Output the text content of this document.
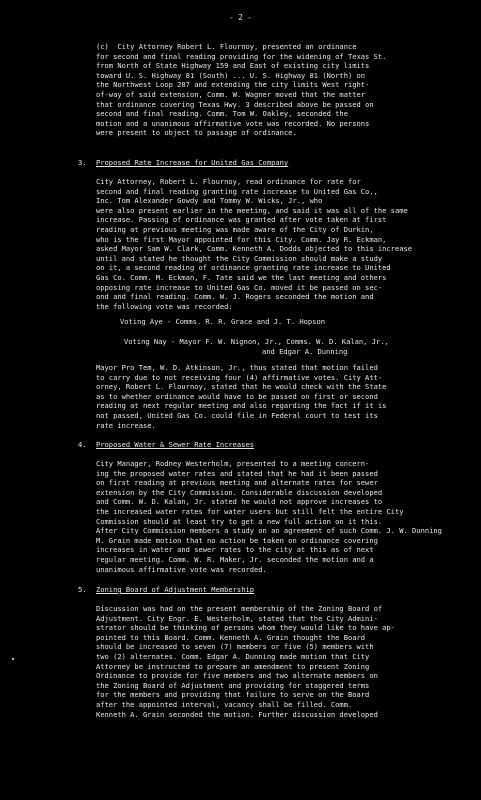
- 2 -
(c)  City Attorney Robert L. Flournoy, presented an ordinance
for second and final reading providing for the widening of Texas St.
from North of State Highway 159 and East of existing city limits
toward U. S. Highway 81 (South) ... U. S. Highway 81 (North) on
the Northwest Loop 287 and extending the city limits West right-
of-way of said extension, Comm. W. Wagner moved that the matter
that ordinance covering Texas Hwy. 3 described above be passed on
second and final reading. Comm. Tom W. Oakley, seconded the
motion and a unanimous affirmative vote was recorded. No persons
were present to object to passage of ordinance.
3. Proposed Rate Increase for United Gas Company
City Attorney, Robert L. Flournoy, read ordinance for rate for
second and final reading granting rate increase to United Gas Co.,
Inc. Tom Alexander Gowdy and Tommy W. Wicks, Jr., who
were also present earlier in the meeting, and said it was all of the same
increase. Passing of ordinance was granted after vote taken at first
reading at previous meeting was made aware of the City of Durkin,
who is the first Mayor appointed for this City. Comm. Jay R. Eckman,
asked Mayor Sam W. Clark, Comm. Kenneth A. Dodds objected to this increase
until and stated he thought the City Commission should make a study
on it, a second reading of ordinance granting rate increase to United
Gas Co. Comm. M. Eckman, F. Tate said we the last meeting and others
opposing rate increase to United Gas Co. moved it be passed on sec-
ond and final reading. Comm. W. J. Rogers seconded the motion and
the following vote was recorded:
Voting Aye - Comms. R. R. Grace and J. T. Hopson
Voting Nay - Mayor F. W. Nignon, Jr., Comms. W. D. Kalan, Jr.,
and Edgar A. Dunning
Mayor Pro Tem, W. D. Atkinson, Jr., thus stated that motion failed
to carry due to not receiving four (4) affirmative votes. City Att-
orney, Robert L. Flournoy, stated that he would check with the State
as to whether ordinance would have to be passed on first or second
reading at next regular meeting and also regarding the fact if it is
not passed, United Gas Co. could file in Federal court to test its
rate increase.
4. Proposed Water & Sewer Rate Increases
City Manager, Rodney Westerholm, presented to a meeting concern-
ing the proposed water rates and stated that he had it been passed
on first reading at previous meeting and alternate rates for sewer
extension by the City Commission. Considerable discussion developed
and Comm. W. D. Kalan, Jr. stated he would not approve increases to
the increased water rates for water users but still felt the entire City
Commission should at least try to get a new full action on it this.
After City Commission members a study on an agreement of such Comm. J. W. Dunning
M. Grain made motion that no action be taken on ordinance covering
increases in water and sewer rates to the city at this as of next
regular meeting. Comm. W. R. Maker, Jr. seconded the motion and a
unanimous affirmative vote was recorded.
5. Zoning Board of Adjustment Membership
Discussion was had on the present membership of the Zoning Board of
Adjustment. City Engr. E. Westerholm, stated that the City Admini-
strator should be thinking of persons whom they would like to have ap-
pointed to this Board. Comm. Kenneth A. Grain thought the Board
should be increased to seven (7) members or five (5) members with
two (2) alternates. Comm. Edgar A. Dunning made motion that City
Attorney be instructed to prepare an amendment to present Zoning
Ordinance to provide for five members and two alternate members on
the Zoning Board of Adjustment and providing for staggered terms
for the members and providing that failure to serve on the Board
after the appointed interval, vacancy shall be filled. Comm.
Kenneth A. Grain seconded the motion. Further discussion developed
